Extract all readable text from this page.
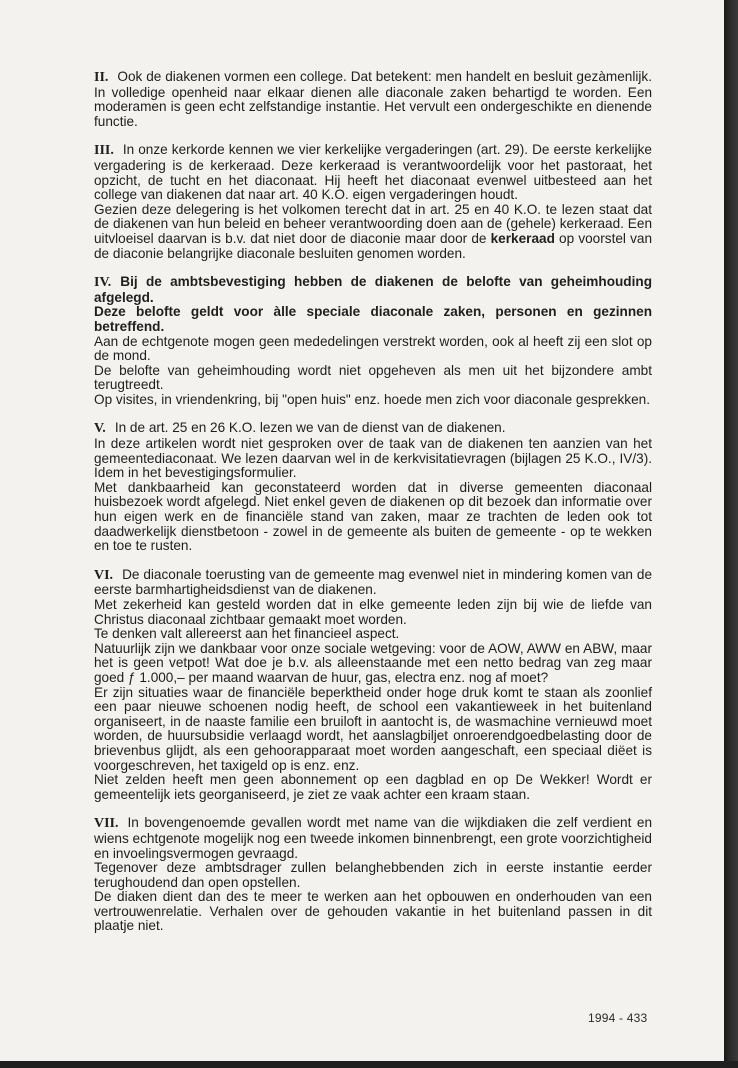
II. Ook de diakenen vormen een college. Dat betekent: men handelt en besluit gezàmenlijk. In volledige openheid naar elkaar dienen alle diaconale zaken behartigd te worden. Een moderamen is geen echt zelfstandige instantie. Het vervult een ondergeschikte en dienende functie.

III. In onze kerkorde kennen we vier kerkelijke vergaderingen (art. 29). De eerste kerkelijke vergadering is de kerkeraad. Deze kerkeraad is verantwoordelijk voor het pastoraat, het opzicht, de tucht en het diaconaat. Hij heeft het diaconaat evenwel uitbesteed aan het college van diakenen dat naar art. 40 K.O. eigen vergaderingen houdt.

Gezien deze delegering is het volkomen terecht dat in art. 25 en 40 K.O. te lezen staat dat de diakenen van hun beleid en beheer verantwoording doen aan de (gehele) kerkeraad. Een uitvloeisel daarvan is b.v. dat niet door de diaconie maar door de kerkeraad op voorstel van de diaconie belangrijke diaconale besluiten genomen worden.

IV. Bij de ambtsbevestiging hebben de diakenen de belofte van geheimhouding afgelegd.

Deze belofte geldt voor àlle speciale diaconale zaken, personen en gezinnen betreffend.

Aan de echtgenote mogen geen mededelingen verstrekt worden, ook al heeft zij een slot op de mond.

De belofte van geheimhouding wordt niet opgeheven als men uit het bijzondere ambt terugtreedt.

Op visites, in vriendenkring, bij "open huis" enz. hoede men zich voor diaconale gesprekken.

V. In de art. 25 en 26 K.O. lezen we van de dienst van de diakenen.

In deze artikelen wordt niet gesproken over de taak van de diakenen ten aanzien van het gemeentediaconaat. We lezen daarvan wel in de kerkvisitatievragen (bijlagen 25 K.O., IV/3). Idem in het bevestigingsformulier.

Met dankbaarheid kan geconstateerd worden dat in diverse gemeenten diaconaal huisbezoek wordt afgelegd. Niet enkel geven de diakenen op dit bezoek dan informatie over hun eigen werk en de financiële stand van zaken, maar ze trachten de leden ook tot daadwerkelijk dienstbetoon - zowel in de gemeente als buiten de gemeente - op te wekken en toe te rusten.

VI. De diaconale toerusting van de gemeente mag evenwel niet in mindering komen van de eerste barmhartigheidsdienst van de diakenen.

Met zekerheid kan gesteld worden dat in elke gemeente leden zijn bij wie de liefde van Christus diaconaal zichtbaar gemaakt moet worden.

Te denken valt allereerst aan het financieel aspect.

Natuurlijk zijn we dankbaar voor onze sociale wetgeving: voor de AOW, AWW en ABW, maar het is geen vetpot! Wat doe je b.v. als alleenstaande met een netto bedrag van zeg maar goed ƒ 1.000,– per maand waarvan de huur, gas, electra enz. nog af moet?

Er zijn situaties waar de financiële beperktheid onder hoge druk komt te staan als zoonlief een paar nieuwe schoenen nodig heeft, de school een vakantieweek in het buitenland organiseert, in de naaste familie een bruiloft in aantocht is, de wasmachine vernieuwd moet worden, de huursubsidie verlaagd wordt, het aanslagbiljet onroerendgoedbelasting door de brievenbus glijdt, als een gehoorapparaat moet worden aangeschaft, een speciaal diëet is voorgeschreven, het taxigeld op is enz. enz.

Niet zelden heeft men geen abonnement op een dagblad en op De Wekker! Wordt er gemeentelijk iets georganiseerd, je ziet ze vaak achter een kraam staan.

VII. In bovengenoemde gevallen wordt met name van die wijkdiaken die zelf verdient en wiens echtgenote mogelijk nog een tweede inkomen binnenbrengt, een grote voorzichtigheid en invoelingsvermogen gevraagd.

Tegenover deze ambtsdrager zullen belanghebbenden zich in eerste instantie eerder terughoudend dan open opstellen.

De diaken dient dan des te meer te werken aan het opbouwen en onderhouden van een vertrouwenrelatie. Verhalen over de gehouden vakantie in het buitenland passen in dit plaatje niet.

1994 - 433
